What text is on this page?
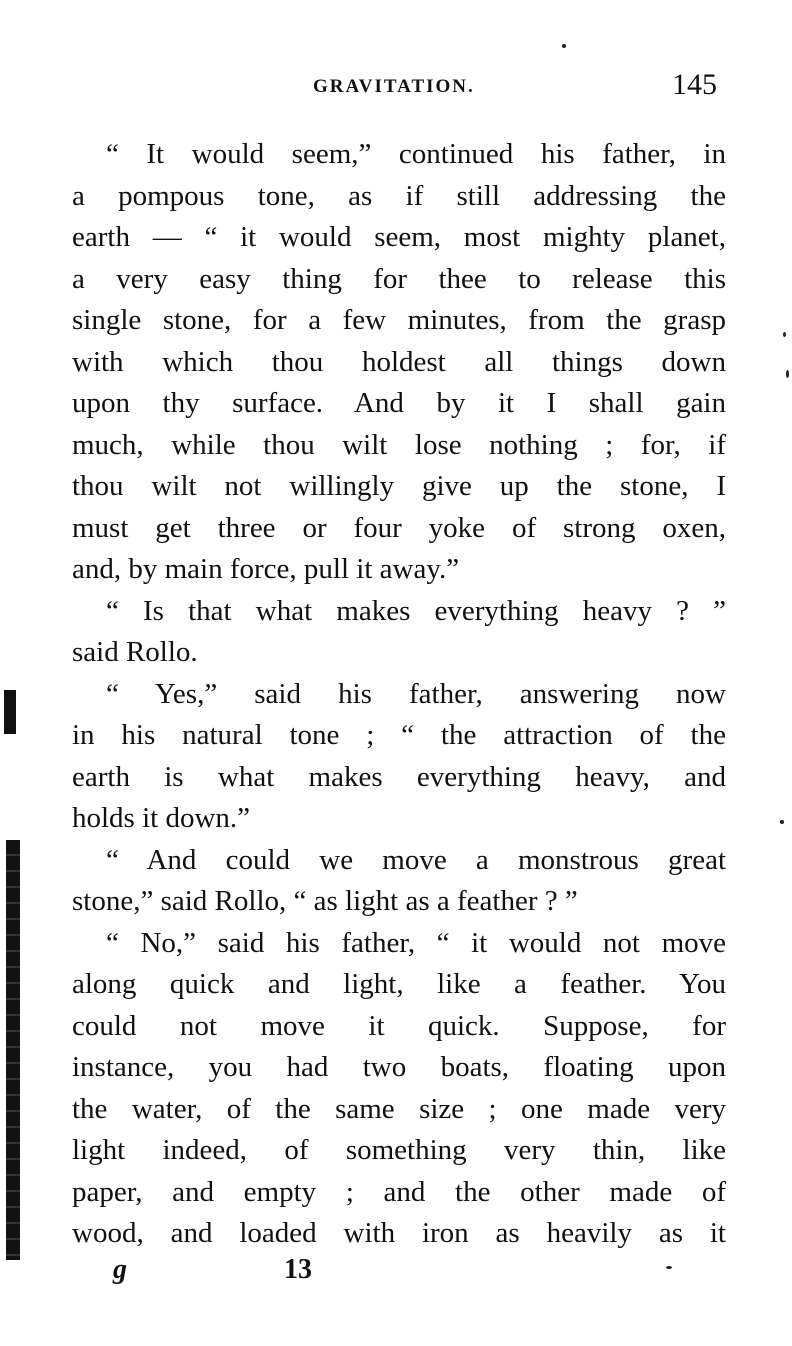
GRAVITATION.	145
“ It would seem,” continued his father, in
a pompous tone, as if still addressing the
earth — “ it would seem, most mighty planet,
a very easy thing for thee to release this
single stone, for a few minutes, from the grasp
with which thou holdest all things down
upon thy surface. And by it I shall gain
much, while thou wilt lose nothing ; for, if
thou wilt not willingly give up the stone, I
must get three or four yoke of strong oxen,
and, by main force, pull it away.”
“ Is that what makes everything heavy ? ”
said Rollo.
“ Yes,” said his father, answering now
in his natural tone ; “ the attraction of the
earth is what makes everything heavy, and
holds it down.”
“ And could we move a monstrous great
stone,” said Rollo, “ as light as a feather ? ”
“ No,” said his father, “ it would not move
along quick and light, like a feather. You
could not move it quick. Suppose, for
instance, you had two boats, floating upon
the water, of the same size ; one made very
light indeed, of something very thin, like
paper, and empty ; and the other made of
wood, and loaded with iron as heavily as it
g	13
